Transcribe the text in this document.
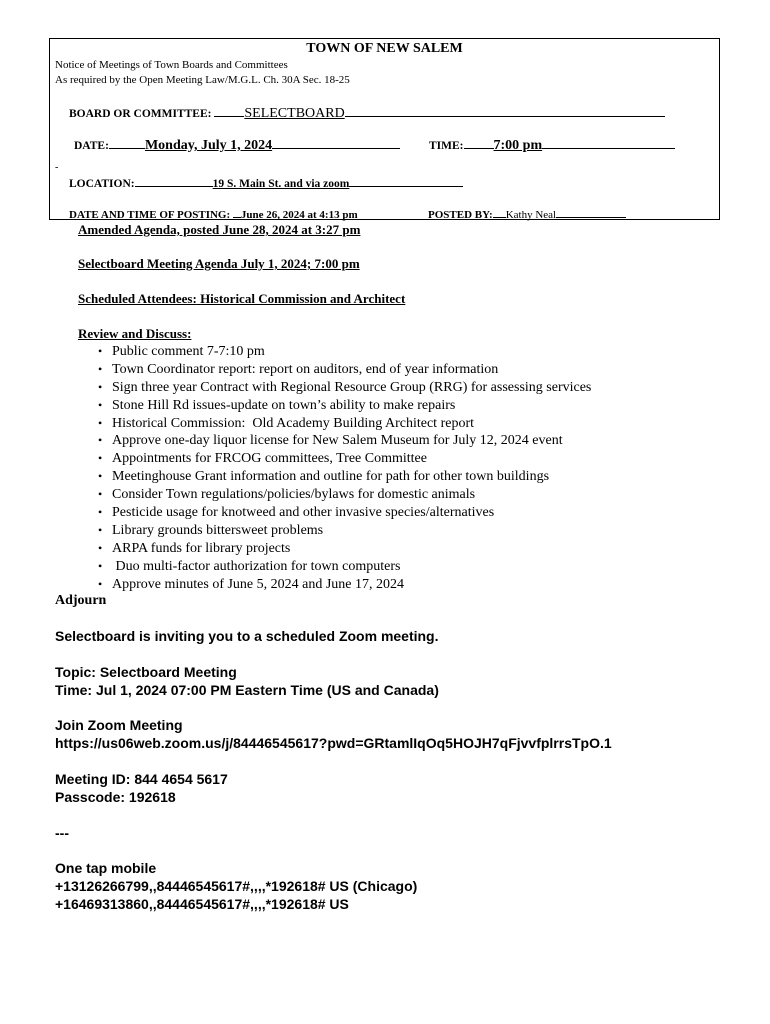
TOWN OF NEW SALEM
Notice of Meetings of Town Boards and Committees
As required by the Open Meeting Law/M.G.L. Ch. 30A Sec. 18-25
BOARD OR COMMITTEE: SELECTBOARD
-
DATE:	Monday, July 1, 2024	TIME: 7:00 pm
LOCATION:	19 S. Main St. and via zoom
DATE AND TIME OF POSTING: June 26, 2024 at 4:13 pm	POSTED BY: Kathy Neal
Amended Agenda, posted June 28, 2024 at 3:27 pm
Selectboard Meeting Agenda July 1, 2024; 7:00 pm
Scheduled Attendees: Historical Commission and Architect
Review and Discuss:
• Public comment 7-7:10 pm
• Town Coordinator report: report on auditors, end of year information
• Sign three year Contract with Regional Resource Group (RRG) for assessing services
• Stone Hill Rd issues-update on town’s ability to make repairs
• Historical Commission:  Old Academy Building Architect report
• Approve one-day liquor license for New Salem Museum for July 12, 2024 event
• Appointments for FRCOG committees, Tree Committee
• Meetinghouse Grant information and outline for path for other town buildings
• Consider Town regulations/policies/bylaws for domestic animals
• Pesticide usage for knotweed and other invasive species/alternatives
• Library grounds bittersweet problems
• ARPA funds for library projects
• Duo multi-factor authorization for town computers
• Approve minutes of June 5, 2024 and June 17, 2024
Adjourn
Selectboard is inviting you to a scheduled Zoom meeting.
Topic: Selectboard Meeting
Time: Jul 1, 2024 07:00 PM Eastern Time (US and Canada)
Join Zoom Meeting
https://us06web.zoom.us/j/84446545617?pwd=GRtamlIqOq5HOJH7qFjvvfplrrsTpO.1
Meeting ID: 844 4654 5617
Passcode: 192618
---
One tap mobile
+13126266799,,84446545617#,,,,*192618# US (Chicago)
+16469313860,,84446545617#,,,,*192618# US
